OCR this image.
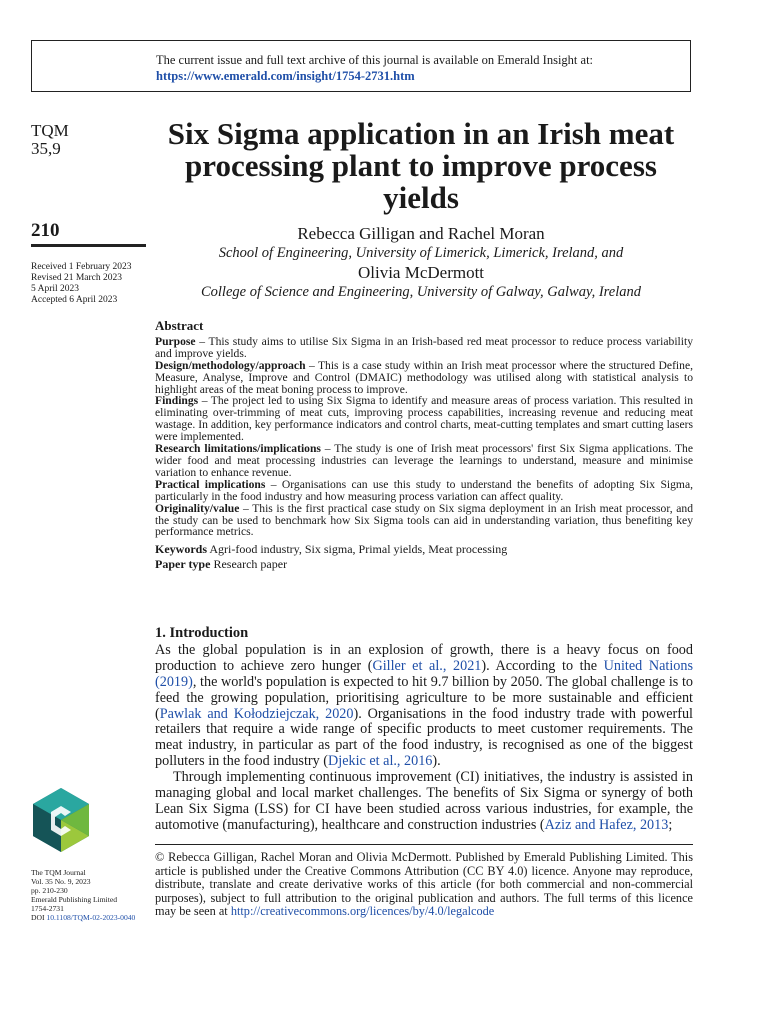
The current issue and full text archive of this journal is available on Emerald Insight at:
https://www.emerald.com/insight/1754-2731.htm
TQM
35,9
210
Received 1 February 2023
Revised 21 March 2023
5 April 2023
Accepted 6 April 2023
Six Sigma application in an Irish meat processing plant to improve process yields
Rebecca Gilligan and Rachel Moran
School of Engineering, University of Limerick, Limerick, Ireland, and
Olivia McDermott
College of Science and Engineering, University of Galway, Galway, Ireland
Abstract

Purpose – This study aims to utilise Six Sigma in an Irish-based red meat processor to reduce process variability and improve yields.

Design/methodology/approach – This is a case study within an Irish meat processor where the structured Define, Measure, Analyse, Improve and Control (DMAIC) methodology was utilised along with statistical analysis to highlight areas of the meat boning process to improve.

Findings – The project led to using Six Sigma to identify and measure areas of process variation. This resulted in eliminating over-trimming of meat cuts, improving process capabilities, increasing revenue and reducing meat wastage. In addition, key performance indicators and control charts, meat-cutting templates and smart cutting lasers were implemented.

Research limitations/implications – The study is one of Irish meat processors' first Six Sigma applications. The wider food and meat processing industries can leverage the learnings to understand, measure and minimise variation to enhance revenue.

Practical implications – Organisations can use this study to understand the benefits of adopting Six Sigma, particularly in the food industry and how measuring process variation can affect quality.

Originality/value – This is the first practical case study on Six sigma deployment in an Irish meat processor, and the study can be used to benchmark how Six Sigma tools can aid in understanding variation, thus benefiting key performance metrics.

Keywords Agri-food industry, Six sigma, Primal yields, Meat processing
Paper type Research paper

1. Introduction

As the global population is in an explosion of growth, there is a heavy focus on food production to achieve zero hunger (Giller et al., 2021). According to the United Nations (2019), the world's population is expected to hit 9.7 billion by 2050. The global challenge is to feed the growing population, prioritising agriculture to be more sustainable and efficient (Pawlak and Kołodziejczak, 2020). Organisations in the food industry trade with powerful retailers that require a wide range of specific products to meet customer requirements. The meat industry, in particular as part of the food industry, is recognised as one of the biggest polluters in the food industry (Djekic et al., 2016).

Through implementing continuous improvement (CI) initiatives, the industry is assisted in managing global and local market challenges. The benefits of Six Sigma or synergy of both Lean Six Sigma (LSS) for CI have been studied across various industries, for example, the automotive (manufacturing), healthcare and construction industries (Aziz and Hafez, 2013;

The TQM Journal
Vol. 35 No. 9, 2023
pp. 210-230
Emerald Publishing Limited
1754-2731
DOI 10.1108/TQM-02-2023-0040
© Rebecca Gilligan, Rachel Moran and Olivia McDermott. Published by Emerald Publishing Limited. This article is published under the Creative Commons Attribution (CC BY 4.0) licence. Anyone may reproduce, distribute, translate and create derivative works of this article (for both commercial and non-commercial purposes), subject to full attribution to the original publication and authors. The full terms of this licence may be seen at http://creativecommons.org/licences/by/4.0/legalcode
